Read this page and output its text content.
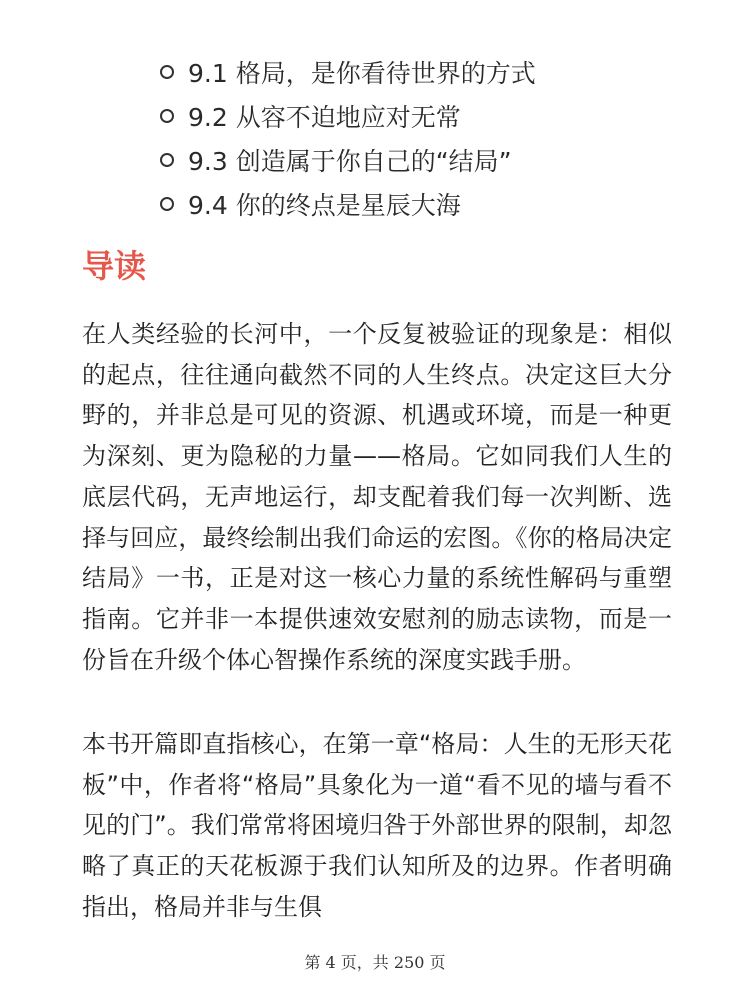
9.1 格局，是你看待世界的方式
9.2 从容不迫地应对无常
9.3 创造属于你自己的“结局”
9.4 你的终点是星辰大海
导读

在人类经验的长河中，一个反复被验证的现象是：相似的起点，往往通向截然不同的人生终点。决定这巨大分野的，并非总是可见的资源、机遇或环境，而是一种更为深刻、更为隐秘的力量——格局。它如同我们人生的底层代码，无声地运行，却支配着我们每一次判断、选择与回应，最终绘制出我们命运的宏图。《你的格局决定结局》一书，正是对这一核心力量的系统性解码与重塑指南。它并非一本提供速效安慰剂的励志读物，而是一份旨在升级个体心智操作系统的深度实践手册。

本书开篇即直指核心，在第一章“格局：人生的无形天花板”中，作者将“格局”具象化为一道“看不见的墙与看不见的门”。我们常常将困境归咎于外部世界的限制，却忽略了真正的天花板源于我们认知所及的边界。作者明确指出，格局并非与生俱

第 4 页，共 250 页
